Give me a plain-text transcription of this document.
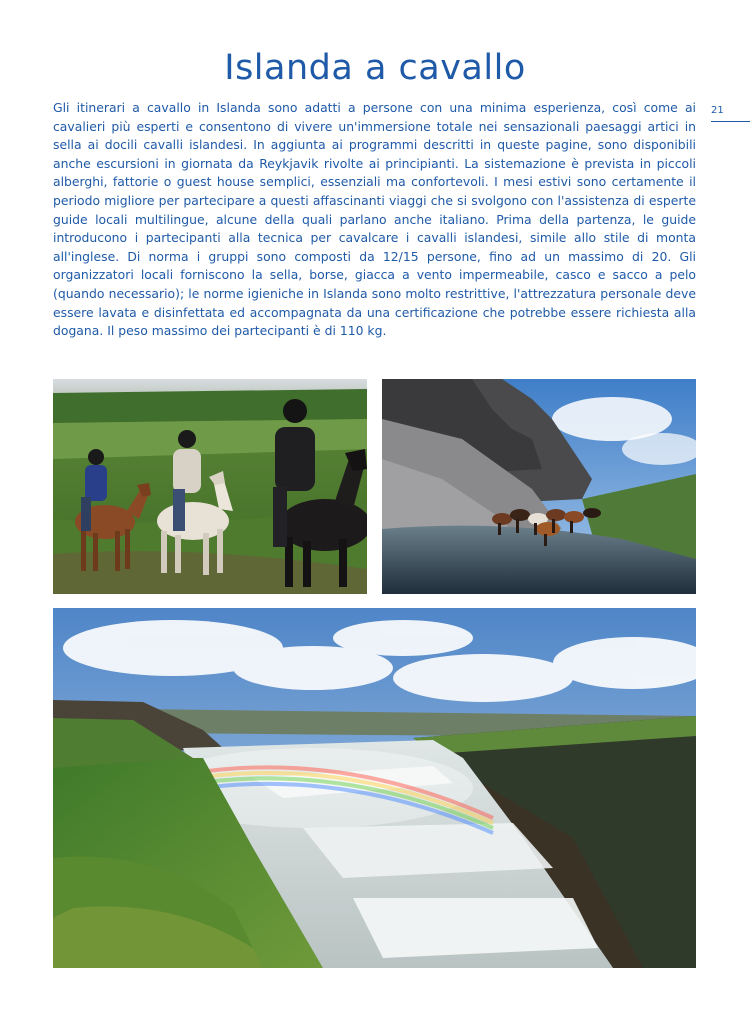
Islanda a cavallo
21

Gli itinerari a cavallo in Islanda sono adatti a persone con una minima esperienza, così come ai cavalieri più esperti e consentono di vivere un'immersione totale nei sensazionali paesaggi artici in sella ai docili cavalli islandesi. In aggiunta ai programmi descritti in queste pagine, sono disponibili anche escursioni in giornata da Reykjavik rivolte ai principianti. La sistemazione è prevista in piccoli alberghi, fattorie o guest house semplici, essenziali ma confortevoli. I mesi estivi sono certamente il periodo migliore per partecipare a questi affascinanti viaggi che si svolgono con l'assistenza di esperte guide locali multilingue, alcune della quali parlano anche italiano. Prima della partenza, le guide introducono i partecipanti alla tecnica per cavalcare i cavalli islandesi, simile allo stile di monta all'inglese. Di norma i gruppi sono composti da 12/15 persone, fino ad un massimo di 20. Gli organizzatori locali forniscono la sella, borse, giacca a vento impermeabile, casco e sacco a pelo (quando necessario); le norme igieniche in Islanda sono molto restrittive, l'attrezzatura personale deve essere lavata e disinfettata ed accompagnata da una certificazione che potrebbe essere richiesta alla dogana. Il peso massimo dei partecipanti è di 110 kg.
